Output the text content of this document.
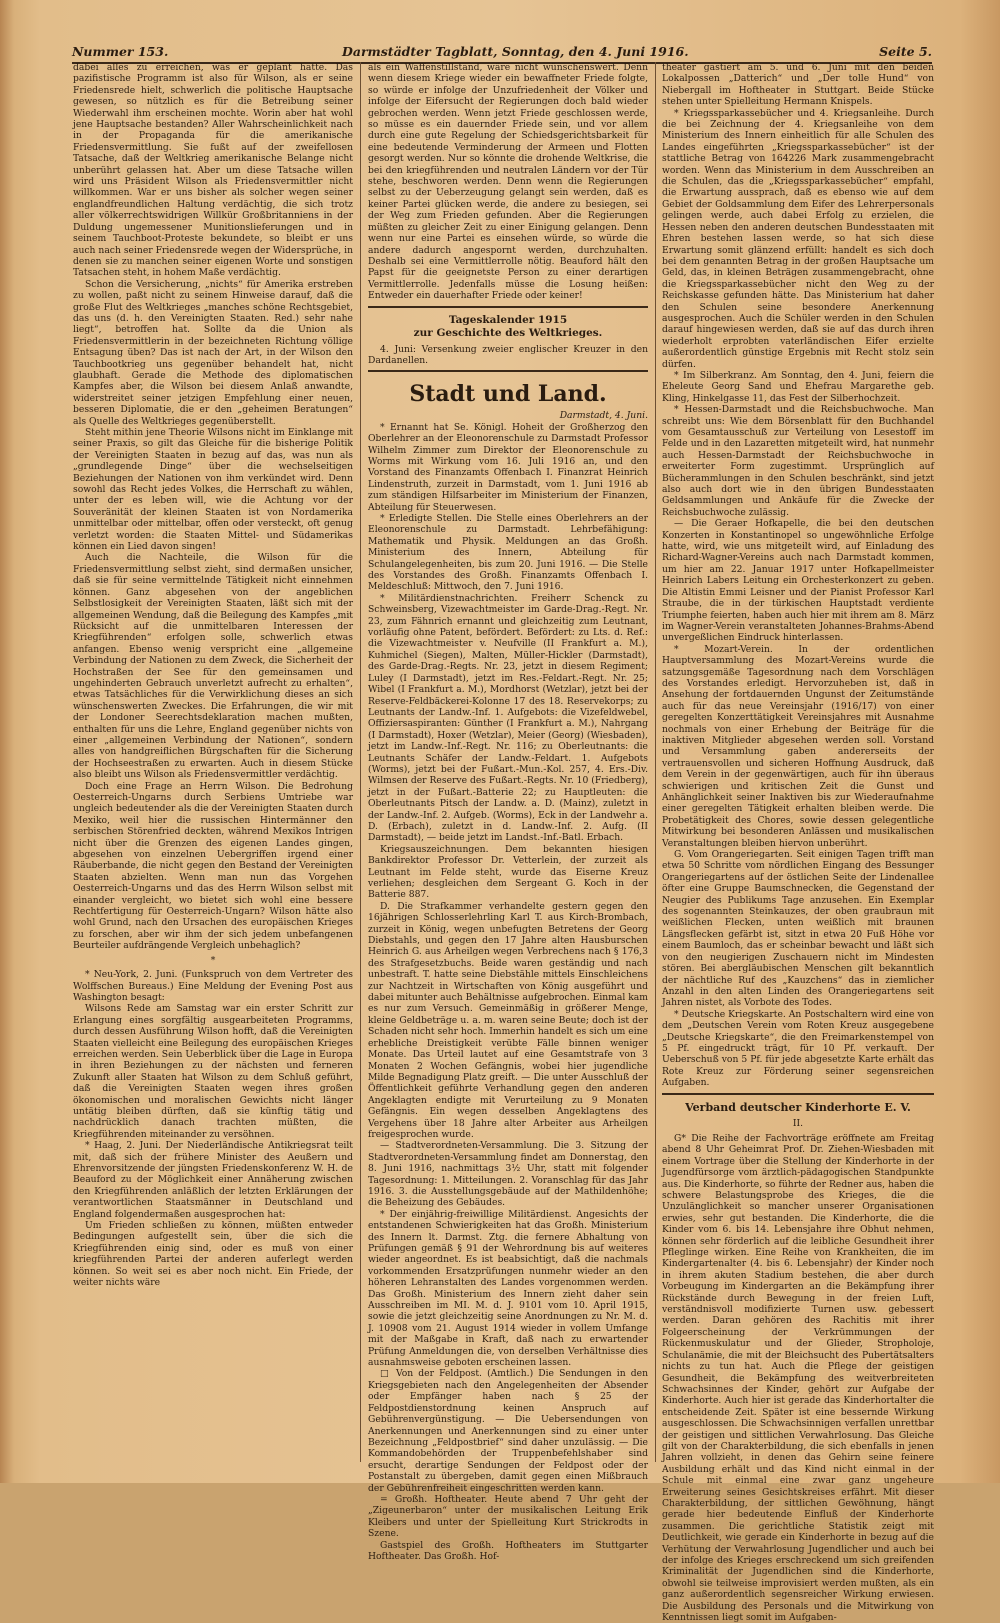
Nummer 153.	Darmstädter Tagblatt, Sonntag, den 4. Juni 1916.	Seite 5.

dabei alles zu erreichen, was er geplant hatte. Das pazifistische Programm ist also für Wilson, als er seine Friedensrede hielt, schwerlich die politische Hauptsache gewesen, so nützlich es für die Betreibung seiner Wiederwahl ihm erscheinen mochte. Worin aber hat wohl jene Hauptsache bestanden? Aller Wahrscheinlichkeit nach in der Propaganda für die amerikanische Friedensvermittlung. Sie fußt auf der zweifellosen Tatsache, daß der Weltkrieg amerikanische Belange nicht unberührt gelassen hat. Aber um diese Tatsache willen wird uns Präsident Wilson als Friedensvermittler nicht willkommen. War er uns bisher als solcher wegen seiner englandfreundlichen Haltung verdächtig, die sich trotz aller völkerrechtswidrigen Willkür Großbritanniens in der Duldung ungemessener Munitionslieferungen und in seinem Tauchboot-Proteste bekundete, so bleibt er uns auch nach seiner Friedensrede wegen der Widersprüche, in denen sie zu manchen seiner eigenen Worte und sonstigen Tatsachen steht, in hohem Maße verdächtig.

Schon die Versicherung, „nichts“ für Amerika erstreben zu wollen, paßt nicht zu seinem Hinweise darauf, daß die große Flut des Weltkrieges „manches schöne Rechtsgebiet, das uns (d. h. den Vereinigten Staaten. Red.) sehr nahe liegt“, betroffen hat. Sollte da die Union als Friedensvermittlerin in der bezeichneten Richtung völlige Entsagung üben? Das ist nach der Art, in der Wilson den Tauchbootkrieg uns gegenüber behandelt hat, nicht glaubhaft. Gerade die Methode des diplomatischen Kampfes aber, die Wilson bei diesem Anlaß anwandte, widerstreitet seiner jetzigen Empfehlung einer neuen, besseren Diplomatie, die er den „geheimen Beratungen“ als Quelle des Weltkrieges gegenüberstellt.

Steht mithin jene Theorie Wilsons nicht im Einklange mit seiner Praxis, so gilt das Gleiche für die bisherige Politik der Vereinigten Staaten in bezug auf das, was nun als „grundlegende Dinge“ über die wechselseitigen Beziehungen der Nationen von ihm verkündet wird. Denn sowohl das Recht jedes Volkes, die Herrschaft zu wählen, unter der es leben will, wie die Achtung vor der Souveränität der kleinen Staaten ist von Nordamerika unmittelbar oder mittelbar, offen oder versteckt, oft genug verletzt worden: die Staaten Mittel- und Südamerikas können ein Lied davon singen!

Auch die Nachteile, die Wilson für die Friedensvermittlung selbst zieht, sind dermaßen unsicher, daß sie für seine vermittelnde Tätigkeit nicht einnehmen können. Ganz abgesehen von der angeblichen Selbstlosigkeit der Vereinigten Staaten, läßt sich mit der allgemeinen Wendung, daß die Beilegung des Kampfes „mit Rücksicht auf die unmittelbaren Interessen der Kriegführenden“ erfolgen solle, schwerlich etwas anfangen. Ebenso wenig verspricht eine „allgemeine Verbindung der Nationen zu dem Zweck, die Sicherheit der Hochstraßen der See für den gemeinsamen und ungehinderten Gebrauch unverletzt aufrecht zu erhalten“, etwas Tatsächliches für die Verwirklichung dieses an sich wünschenswerten Zweckes. Die Erfahrungen, die wir mit der Londoner Seerechtsdeklaration machen mußten, enthalten für uns die Lehre, England gegenüber nichts von einer „allgemeinen Verbindung der Nationen“, sondern alles von handgreiflichen Bürgschaften für die Sicherung der Hochseestraßen zu erwarten. Auch in diesem Stücke also bleibt uns Wilson als Friedensvermittler verdächtig.

Doch eine Frage an Herrn Wilson. Die Bedrohung Oesterreich-Ungarns durch Serbiens Umtriebe war ungleich bedeutender als die der Vereinigten Staaten durch Mexiko, weil hier die russischen Hintermänner den serbischen Störenfried deckten, während Mexikos Intrigen nicht über die Grenzen des eigenen Landes gingen, abgesehen von einzelnen Uebergriffen irgend einer Räuberbande, die nicht gegen den Bestand der Vereinigten Staaten abzielten. Wenn man nun das Vorgehen Oesterreich-Ungarns und das des Herrn Wilson selbst mit einander vergleicht, wo bietet sich wohl eine bessere Rechtfertigung für Oesterreich-Ungarn? Wilson hätte also wohl Grund, nach den Ursachen des europäischen Krieges zu forschen, aber wir ihm der sich jedem unbefangenen Beurteiler aufdrängende Vergleich unbehaglich?

*

* Neu-York, 2. Juni. (Funkspruch von dem Vertreter des Wolffschen Bureaus.) Eine Meldung der Evening Post aus Washington besagt:

Wilsons Rede am Samstag war ein erster Schritt zur Erlangung eines sorgfältig ausgearbeiteten Programms, durch dessen Ausführung Wilson hofft, daß die Vereinigten Staaten vielleicht eine Beilegung des europäischen Krieges erreichen werden. Sein Ueberblick über die Lage in Europa in ihren Beziehungen zu der nächsten und ferneren Zukunft aller Staaten hat Wilson zu dem Schluß geführt, daß die Vereinigten Staaten wegen ihres großen ökonomischen und moralischen Gewichts nicht länger untätig bleiben dürften, daß sie künftig tätig und nachdrücklich danach trachten müßten, die Kriegführenden miteinander zu versöhnen.

* Haag, 2. Juni. Der Niederländische Antikriegsrat teilt mit, daß sich der frühere Minister des Aeußern und Ehrenvorsitzende der jüngsten Friedenskonferenz W. H. de Beauford zu der Möglichkeit einer Annäherung zwischen den Kriegführenden anläßlich der letzten Erklärungen der verantwortlichen Staatsmänner in Deutschland und England folgendermaßen ausgesprochen hat:

Um Frieden schließen zu können, müßten entweder Bedingungen aufgestellt sein, über die sich die Kriegführenden einig sind, oder es muß von einer kriegführenden Partei der anderen auferlegt werden können. So weit sei es aber noch nicht. Ein Friede, der weiter nichts wäre

als ein Waffenstillstand, wäre nicht wünschenswert. Denn wenn diesem Kriege wieder ein bewaffneter Friede folgte, so würde er infolge der Unzufriedenheit der Völker und infolge der Eifersucht der Regierungen doch bald wieder gebrochen werden. Wenn jetzt Friede geschlossen werde, so müsse es ein dauernder Friede sein, und vor allem durch eine gute Regelung der Schiedsgerichtsbarkeit für eine bedeutende Verminderung der Armeen und Flotten gesorgt werden. Nur so könnte die drohende Weltkrise, die bei den kriegführenden und neutralen Ländern vor der Tür stehe, beschworen werden. Denn wenn die Regierungen selbst zu der Ueberzeugung gelangt sein werden, daß es keiner Partei glücken werde, die andere zu besiegen, sei der Weg zum Frieden gefunden. Aber die Regierungen müßten zu gleicher Zeit zu einer Einigung gelangen. Denn wenn nur eine Partei es einsehen würde, so würde die andere dadurch angespornt werden, durchzuhalten. Deshalb sei eine Vermittlerrolle nötig. Beauford hält den Papst für die geeignetste Person zu einer derartigen Vermittlerrolle. Jedenfalls müsse die Losung heißen: Entweder ein dauerhafter Friede oder keiner!

Tageskalender 1915
zur Geschichte des Weltkrieges.

4. Juni: Versenkung zweier englischer Kreuzer in den Dardanellen.

Stadt und Land.
Darmstadt, 4. Juni.

* Ernannt hat Se. Königl. Hoheit der Großherzog den Oberlehrer an der Eleonorenschule zu Darmstadt Professor Wilhelm Zimmer zum Direktor der Eleonorenschule zu Worms mit Wirkung vom 16. Juli 1916 an, und den Vorstand des Finanzamts Offenbach I. Finanzrat Heinrich Lindenstruth, zurzeit in Darmstadt, vom 1. Juni 1916 ab zum ständigen Hilfsarbeiter im Ministerium der Finanzen, Abteilung für Steuerwesen.

* Erledigte Stellen. Die Stelle eines Oberlehrers an der Eleonorenschule zu Darmstadt. Lehrbefähigung: Mathematik und Physik. Meldungen an das Großh. Ministerium des Innern, Abteilung für Schulangelegenheiten, bis zum 20. Juni 1916. — Die Stelle des Vorstandes des Großh. Finanzamts Offenbach I. Meldeschluß: Mittwoch, den 7. Juni 1916.

* Militärdienstnachrichten. Freiherr Schenck zu Schweinsberg, Vizewachtmeister im Garde-Drag.-Regt. Nr. 23, zum Fähnrich ernannt und gleichzeitig zum Leutnant, vorläufig ohne Patent, befördert. Befördert: zu Lts. d. Ref.: die Vizewachtmeister v. Neufville (II Frankfurt a. M.), Kuhmichel (Siegen), Malten, Müller-Hickler (Darmstadt), des Garde-Drag.-Regts. Nr. 23, jetzt in diesem Regiment; Luley (I Darmstadt), jetzt im Res.-Feldart.-Regt. Nr. 25; Wibel (I Frankfurt a. M.), Mordhorst (Wetzlar), jetzt bei der Reserve-Feldbäckerei-Kolonne 17 des 18. Reservekorps; zu Leutnants der Landw.-Inf. 1. Aufgebots: die Vizefeldwebel, Offiziersaspiranten: Günther (I Frankfurt a. M.), Nahrgang (I Darmstadt), Hoxer (Wetzlar), Meier (Georg) (Wiesbaden), jetzt im Landw.-Inf.-Regt. Nr. 116; zu Oberleutnants: die Leutnants Schäfer der Landw.-Feldart. 1. Aufgebots (Worms), jetzt bei der Fußart.-Mun.-Kol. 257, 4. Ers.-Div. Wilmsen der Reserve des Fußart.-Regts. Nr. 10 (Friedberg), jetzt in der Fußart.-Batterie 22; zu Hauptleuten: die Oberleutnants Pitsch der Landw. a. D. (Mainz), zuletzt in der Landw.-Inf. 2. Aufgeb. (Worms), Eck in der Landwehr a. D. (Erbach), zuletzt in d. Landw.-Inf. 2. Aufg. (II Darmstadt), — beide jetzt im Landst.-Inf.-Batl. Erbach.

Kriegsauszeichnungen. Dem bekannten hiesigen Bankdirektor Professor Dr. Vetterlein, der zurzeit als Leutnant im Felde steht, wurde das Eiserne Kreuz verliehen; desgleichen dem Sergeant G. Koch in der Batterie 887.

D. Die Strafkammer verhandelte gestern gegen den 16jährigen Schlosserlehrling Karl T. aus Kirch-Brombach, zurzeit in König, wegen unbefugten Betretens der Georg Diebstahls, und gegen den 17 Jahre alten Hausburschen Heinrich G. aus Arheilgen wegen Verbrechens nach § 176,3 des Strafgesetzbuchs. Beide waren geständig und nach unbestraft. T. hatte seine Diebstähle mittels Einschleichens zur Nachtzeit in Wirtschaften von König ausgeführt und dabei mitunter auch Behältnisse aufgebrochen. Einmal kam es nur zum Versuch. Gemeinmäßig in größerer Menge, kleine Geldbeträge u. a. m. waren seine Beute; doch ist der Schaden nicht sehr hoch. Immerhin handelt es sich um eine erhebliche Dreistigkeit verübte Fälle binnen weniger Monate. Das Urteil lautet auf eine Gesamtstrafe von 3 Monaten 2 Wochen Gefängnis, wobei hier jugendliche Milde Begnadigung Platz greift. — Die unter Ausschluß der Öffentlichkeit geführte Verhandlung gegen den anderen Angeklagten endigte mit Verurteilung zu 9 Monaten Gefängnis. Ein wegen desselben Angeklagtens des Vergehens über 18 Jahre alter Arbeiter aus Arheilgen freigesprochen wurde.

— Stadtverordneten-Versammlung. Die 3. Sitzung der Stadtverordneten-Versammlung findet am Donnerstag, den 8. Juni 1916, nachmittags 3½ Uhr, statt mit folgender Tagesordnung: 1. Mitteilungen. 2. Voranschlag für das Jahr 1916. 3. die Ausstellungsgebäude auf der Mathildenhöhe; die Beheizung des Gebäudes.

* Der einjährig-freiwillige Militärdienst. Angesichts der entstandenen Schwierigkeiten hat das Großh. Ministerium des Innern lt. Darmst. Ztg. die fernere Abhaltung von Prüfungen gemäß § 91 der Wehrordnung bis auf weiteres wieder angeordnet. Es ist beabsichtigt, daß die nachmals vorkommenden Ersatzprüfungen nunmehr wieder an den höheren Lehranstalten des Landes vorgenommen werden. Das Großh. Ministerium des Innern zieht daher sein Ausschreiben im MI. M. d. J. 9101 vom 10. April 1915, sowie die jetzt gleichzeitig seine Anordnungen zu Nr. M. d. J. 10908 vom 21. August 1914 wieder in vollem Umfange mit der Maßgabe in Kraft, daß nach zu erwartender Prüfung Anmeldungen die, von derselben Verhältnisse dies ausnahmsweise geboten erscheinen lassen.

□ Von der Feldpost. (Amtlich.) Die Sendungen in den Kriegsgebieten nach den Angelegenheiten der Absender oder Empfänger haben nach § 25 der Feldpostdienstordnung keinen Anspruch auf Gebührenvergünstigung. — Die Uebersendungen von Anerkennungen und Anerkennungen sind zu einer unter Bezeichnung „Feldpostbrief“ sind daher unzulässig. — Die Kommandobehörden der Truppenbefehlshaber sind ersucht, derartige Sendungen der Feldpost oder der Postanstalt zu übergeben, damit gegen einen Mißbrauch der Gebührenfreiheit eingeschritten werden kann.

= Großh. Hoftheater. Heute abend 7 Uhr geht der „Zigeunerbaron“ unter der musikalischen Leitung Erik Kleibers und unter der Spielleitung Kurt Strickrodts in Szene.

Gastspiel des Großh. Hoftheaters im Stuttgarter Hoftheater. Das Großh. Hof-

theater gastiert am 5. und 6. Juni mit den beiden Lokalpossen „Datterich“ und „Der tolle Hund“ von Niebergall im Hoftheater in Stuttgart. Beide Stücke stehen unter Spielleitung Hermann Knispels.

* Kriegssparkassebücher und 4. Kriegsanleihe. Durch die bei Zeichnung der 4. Kriegsanleihe von dem Ministerium des Innern einheitlich für alle Schulen des Landes eingeführten „Kriegssparkassebücher“ ist der stattliche Betrag von 164226 Mark zusammengebracht worden. Wenn das Ministerium in dem Ausschreiben an die Schulen, das die „Kriegssparkassebücher“ empfahl, die Erwartung aussprach, daß es ebenso wie auf dem Gebiet der Goldsammlung dem Eifer des Lehrerpersonals gelingen werde, auch dabei Erfolg zu erzielen, die Hessen neben den anderen deutschen Bundesstaaten mit Ehren bestehen lassen werde, so hat sich diese Erwartung somit glänzend erfüllt: handelt es sich doch bei dem genannten Betrag in der großen Hauptsache um Geld, das, in kleinen Beträgen zusammengebracht, ohne die Kriegssparkassebücher nicht den Weg zu der Reichskasse gefunden hätte. Das Ministerium hat daher den Schulen seine besondere Anerkennung ausgesprochen. Auch die Schüler werden in den Schulen darauf hingewiesen werden, daß sie auf das durch ihren wiederholt erprobten vaterländischen Eifer erzielte außerordentlich günstige Ergebnis mit Recht stolz sein dürfen.

* Im Silberkranz. Am Sonntag, den 4. Juni, feiern die Eheleute Georg Sand und Ehefrau Margarethe geb. Kling, Hinkelgasse 11, das Fest der Silberhochzeit.

* Hessen-Darmstadt und die Reichsbuchwoche. Man schreibt uns: Wie dem Börsenblatt für den Buchhandel vom Gesamtausschuß zur Verteilung von Lesestoff im Felde und in den Lazaretten mitgeteilt wird, hat nunmehr auch Hessen-Darmstadt der Reichsbuchwoche in erweiterter Form zugestimmt. Ursprünglich auf Bücherammlungen in den Schulen beschränkt, sind jetzt also auch dort wie in den übrigen Bundesstaaten Geldsammlungen und Ankäufe für die Zwecke der Reichsbuchwoche zulässig.

— Die Geraer Hofkapelle, die bei den deutschen Konzerten in Konstantinopel so ungewöhnliche Erfolge hatte, wird, wie uns mitgeteilt wird, auf Einladung des Richard-Wagner-Vereins auch nach Darmstadt kommen, um hier am 22. Januar 1917 unter Hofkapellmeister Heinrich Labers Leitung ein Orchesterkonzert zu geben. Die Altistin Emmi Leisner und der Pianist Professor Karl Straube, die in der türkischen Hauptstadt verdiente Triumphe feierten, haben auch hier mit ihrem am 8. März im Wagner-Verein veranstalteten Johannes-Brahms-Abend unvergeßlichen Eindruck hinterlassen.

* Mozart-Verein. In der ordentlichen Hauptversammlung des Mozart-Vereins wurde die satzungsgemäße Tagesordnung nach dem Vorschlägen des Vorstandes erledigt. Hervorzuheben ist, daß in Ansehung der fortdauernden Ungunst der Zeitumstände auch für das neue Vereinsjahr (1916/17) von einer geregelten Konzerttätigkeit Vereinsjahres mit Ausnahme nochmals von einer Erhebung der Beiträge für die inaktiven Mitglieder abgesehen werden soll. Vorstand und Versammlung gaben andererseits der vertrauensvollen und sicheren Hoffnung Ausdruck, daß dem Verein in der gegenwärtigen, auch für ihn überaus schwierigen und kritischen Zeit die Gunst und Anhänglichkeit seiner Inaktiven bis zur Wiederaufnahme einer geregelten Tätigkeit erhalten bleiben werde. Die Probetätigkeit des Chores, sowie dessen gelegentliche Mitwirkung bei besonderen Anlässen und musikalischen Veranstaltungen bleiben hiervon unberührt.

G. Vom Orangeriegarten. Seit einigen Tagen trifft man etwa 50 Schritte vom nördlichen Eingang des Bessunger Orangeriegartens auf der östlichen Seite der Lindenallee öfter eine Gruppe Baumschnecken, die Gegenstand der Neugier des Publikums Tage anzusehen. Ein Exemplar des sogenannten Steinkauzes, der oben graubraun mit weißlichen Flecken, unten weißlich mit braunen Längsflecken gefärbt ist, sitzt in etwa 20 Fuß Höhe vor einem Baumloch, das er scheinbar bewacht und läßt sich von den neugierigen Zuschauern nicht im Mindesten stören. Bei abergläubischen Menschen gilt bekanntlich der nächtliche Ruf des „Kauzchens“ das in ziemlicher Anzahl in den alten Linden des Orangeriegartens seit Jahren nistet, als Vorbote des Todes.

* Deutsche Kriegskarte. An Postschaltern wird eine von dem „Deutschen Verein vom Roten Kreuz ausgegebene „Deutsche Kriegskarte“, die den Freimarkenstempel von 5 Pf. eingedruckt trägt, für 10 Pf. verkauft. Der Ueberschuß von 5 Pf. für jede abgesetzte Karte erhält das Rote Kreuz zur Förderung seiner segensreichen Aufgaben.

Verband deutscher Kinderhorte E. V.
II.

G* Die Reihe der Fachvorträge eröffnete am Freitag abend 8 Uhr Geheimrat Prof. Dr. Ziehen-Wiesbaden mit einem Vortrage über die Stellung der Kinderhorte in der Jugendfürsorge vom ärztlich-pädagogischen Standpunkte aus. Die Kinderhorte, so führte der Redner aus, haben die schwere Belastungsprobe des Krieges, die die Unzulänglichkeit so mancher unserer Organisationen erwies, sehr gut bestanden. Die Kinderhorte, die die Kinder vom 6. bis 14. Lebensjahre ihre Obhut nehmen, können sehr förderlich auf die leibliche Gesundheit ihrer Pfleglinge wirken. Eine Reihe von Krankheiten, die im Kindergartenalter (4. bis 6. Lebensjahr) der Kinder noch in ihrem akuten Stadium bestehen, die aber durch Vorbeugung im Kindergarten an die Bekämpfung ihrer Rückstände durch Bewegung in der freien Luft, verständnisvoll modifizierte Turnen usw. gebessert werden. Daran gehören des Rachitis mit ihrer Folgeerscheinung der Verkrümmungen der Rückenmuskulatur und der Glieder, Stropholoje, Schulanämie, die mit der Bleichsucht des Pubertätsalters nichts zu tun hat. Auch die Pflege der geistigen Gesundheit, die Bekämpfung des weitverbreiteten Schwachsinnes der Kinder, gehört zur Aufgabe der Kinderhorte. Auch hier ist gerade das Kinderhortalter die entscheidende Zeit. Später ist eine bessernde Wirkung ausgeschlossen. Die Schwachsinnigen verfallen unrettbar der geistigen und sittlichen Verwahrlosung. Das Gleiche gilt von der Charakterbildung, die sich ebenfalls in jenen Jahren vollzieht, in denen das Gehirn seine feinere Ausbildung erhält und das Kind nicht einmal in der Schule mit einmal eine zwar ganz ungeheure Erweiterung seines Gesichtskreises erfährt. Mit dieser Charakterbildung, der sittlichen Gewöhnung, hängt gerade hier bedeutende Einfluß der Kinderhorte zusammen. Die gerichtliche Statistik zeigt mit Deutlichkeit, wie gerade ein Kinderhorte in bezug auf die Verhütung der Verwahrlosung Jugendlicher und auch bei der infolge des Krieges erschreckend um sich greifenden Kriminalität der Jugendlichen sind die Kinderhorte, obwohl sie teilweise improvisiert werden mußten, als ein ganz außerordentlich segensreicher Wirkung erwiesen. Die Ausbildung des Personals und die Mitwirkung von Kenntnissen liegt somit im Aufgaben-
